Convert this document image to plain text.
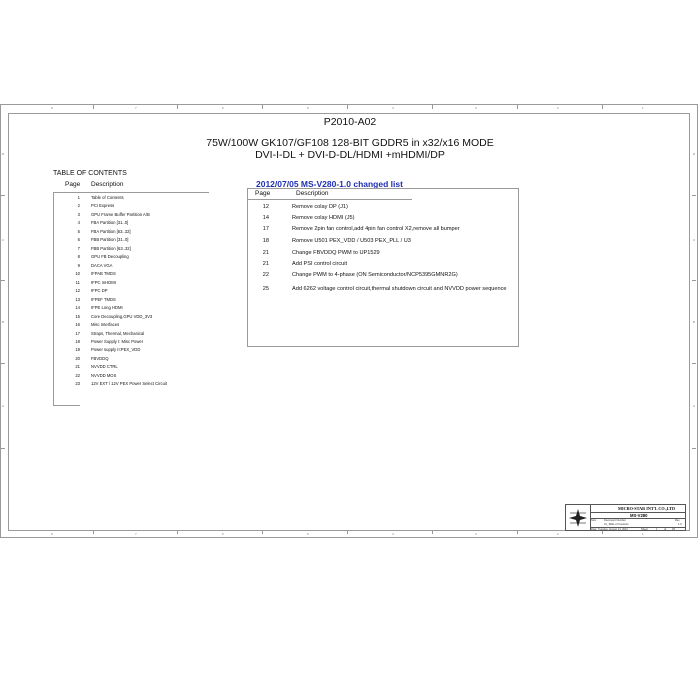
8
8
7
7
6
6
5
5
4
4
3
3
2
2
1
1
D	D
C	C
B	B
A	A
P2010-A02
75W/100W GK107/GF108 128-BIT GDDR5 in x32/x16 MODE
DVI-I-DL + DVI-D-DL/HDMI +mHDMI/DP
TABLE OF CONTENTS
Page Description
1	Table of Contents
2	PCI Express
3	GPU Frame Buffer Partition A/B
4	FBA Partition [31..0]
5	FBA Partition [63..32]
6	FBB Partition [31..0]
7	FBB Partition [63..32]
8	GPU FB Decoupling
9	DACA VGA
10	IFPAB TMDS
11	IFPC mHDMI
12	IFPC DP
13	IFPEF TMDS
14	IFPE Long HDMI
15	Core Decoupling,GPU VDD_3V3
16	Misc Interfaces
17	Straps, Thermal, Mechanical
18	Power Supply I: Misc Power
19	Power supply II:PEX_VDD
20	FBVDDQ
21	NVVDD CTRL
22	NVVDD MOS
23	12V EXT / 12V PEX Power Select Circuit
2012/07/05 MS-V280-1.0 changed list
Page	Description
12	Remove colay DP (J1)
14	Remove colay HDMI (J5)
17	Remove 2pin fan control,add 4pin fan control X2,remove all bumper
18	Romove U501 PEX_VDD / U503 PEX_PLL / U3
21	Change FBVDDQ PWM to UP1529
21	Add PSI control circuit
22	Change PWM to 4-phase (ON Semiconductor/NCP5395GMNR2G)
25	Add 6262 voltage control circuit,thermal shutdown circuit and NVVDD power sequence
MICRO-STAR INT'L CO.,LTD
MS-V280
Size	Document Number
01_Table of Contents
Rev
1.0
Date: Tuesday, August 14, 2012	Sheet	1	of 25
